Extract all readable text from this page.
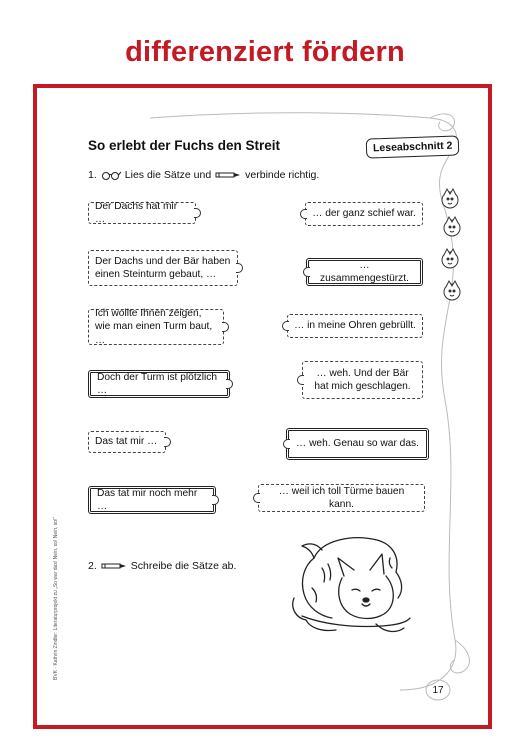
differenziert fördern
So erlebt der Fuchs den Streit	Leseabschnitt 2
1.	Lies die Sätze und	verbinde richtig.
Der Dachs hat mir …
Der Dachs und der Bär haben einen Steinturm gebaut, …
Ich wollte Ihnen zeigen, wie man einen Turm baut, …
Doch der Turm ist plötzlich …
Das tat mir …
Das tat mir noch mehr …
… der ganz schief war.
… zusammengestürzt.
… in meine Ohren gebrüllt.
… weh. Und der Bär hat mich geschlagen.
… weh. Genau so war das.
… weil ich toll Türme bauen kann.
2.	Schreibe die Sätze ab.
BVK · Kathrin Zindler: Literaturprojekt zu „So war das! Nein, so! Nein, so!“
17
